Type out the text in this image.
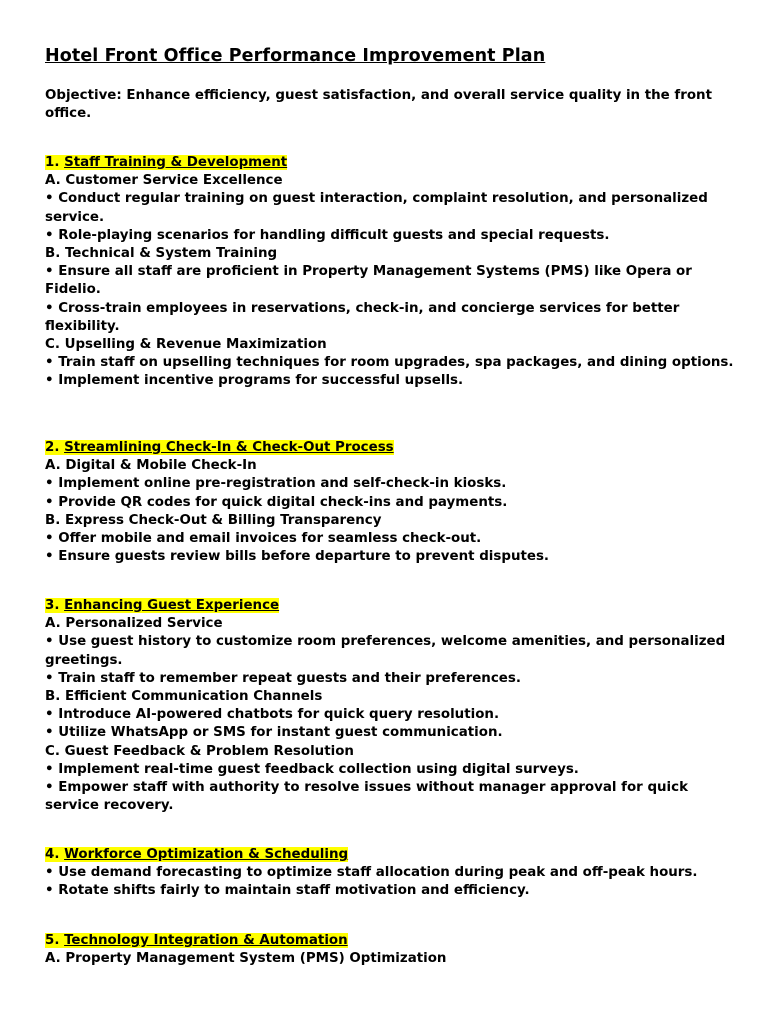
Hotel Front Office Performance Improvement Plan
Objective: Enhance efficiency, guest satisfaction, and overall service quality in the front office.
1. Staff Training & Development
A. Customer Service Excellence
• Conduct regular training on guest interaction, complaint resolution, and personalized service.
• Role-playing scenarios for handling difficult guests and special requests.
B. Technical & System Training
• Ensure all staff are proficient in Property Management Systems (PMS) like Opera or Fidelio.
• Cross-train employees in reservations, check-in, and concierge services for better flexibility.
C. Upselling & Revenue Maximization
• Train staff on upselling techniques for room upgrades, spa packages, and dining options.
• Implement incentive programs for successful upsells.
2. Streamlining Check-In & Check-Out Process
A. Digital & Mobile Check-In
• Implement online pre-registration and self-check-in kiosks.
• Provide QR codes for quick digital check-ins and payments.
B. Express Check-Out & Billing Transparency
• Offer mobile and email invoices for seamless check-out.
• Ensure guests review bills before departure to prevent disputes.
3. Enhancing Guest Experience
A. Personalized Service
• Use guest history to customize room preferences, welcome amenities, and personalized greetings.
• Train staff to remember repeat guests and their preferences.
B. Efficient Communication Channels
• Introduce AI-powered chatbots for quick query resolution.
• Utilize WhatsApp or SMS for instant guest communication.
C. Guest Feedback & Problem Resolution
• Implement real-time guest feedback collection using digital surveys.
• Empower staff with authority to resolve issues without manager approval for quick service recovery.
4. Workforce Optimization & Scheduling
• Use demand forecasting to optimize staff allocation during peak and off-peak hours.
• Rotate shifts fairly to maintain staff motivation and efficiency.
5. Technology Integration & Automation
A. Property Management System (PMS) Optimization
